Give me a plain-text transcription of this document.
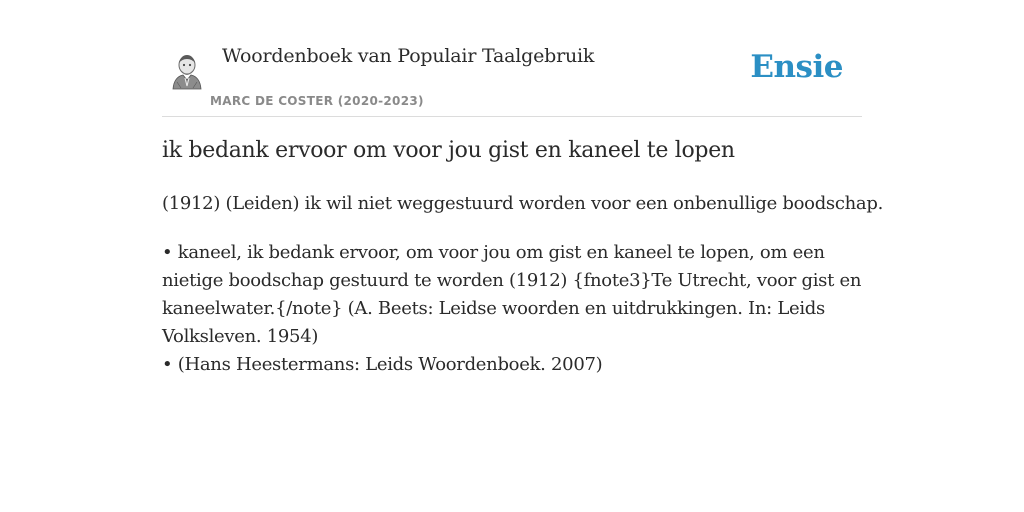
Woordenboek van Populair Taalgebruik
MARC DE COSTER (2020-2023)
Ensie
ik bedank ervoor om voor jou gist en kaneel te lopen

(1912) (Leiden) ik wil niet weggestuurd worden voor een onbenullige boodschap.

• kaneel, ik bedank ervoor, om voor jou om gist en kaneel te lopen, om een nietige boodschap gestuurd te worden (1912) {fnote3}Te Utrecht, voor gist en kaneelwater.{/note} (A. Beets: Leidse woorden en uitdrukkingen. In: Leids Volksleven. 1954)
• (Hans Heestermans: Leids Woordenboek. 2007)
